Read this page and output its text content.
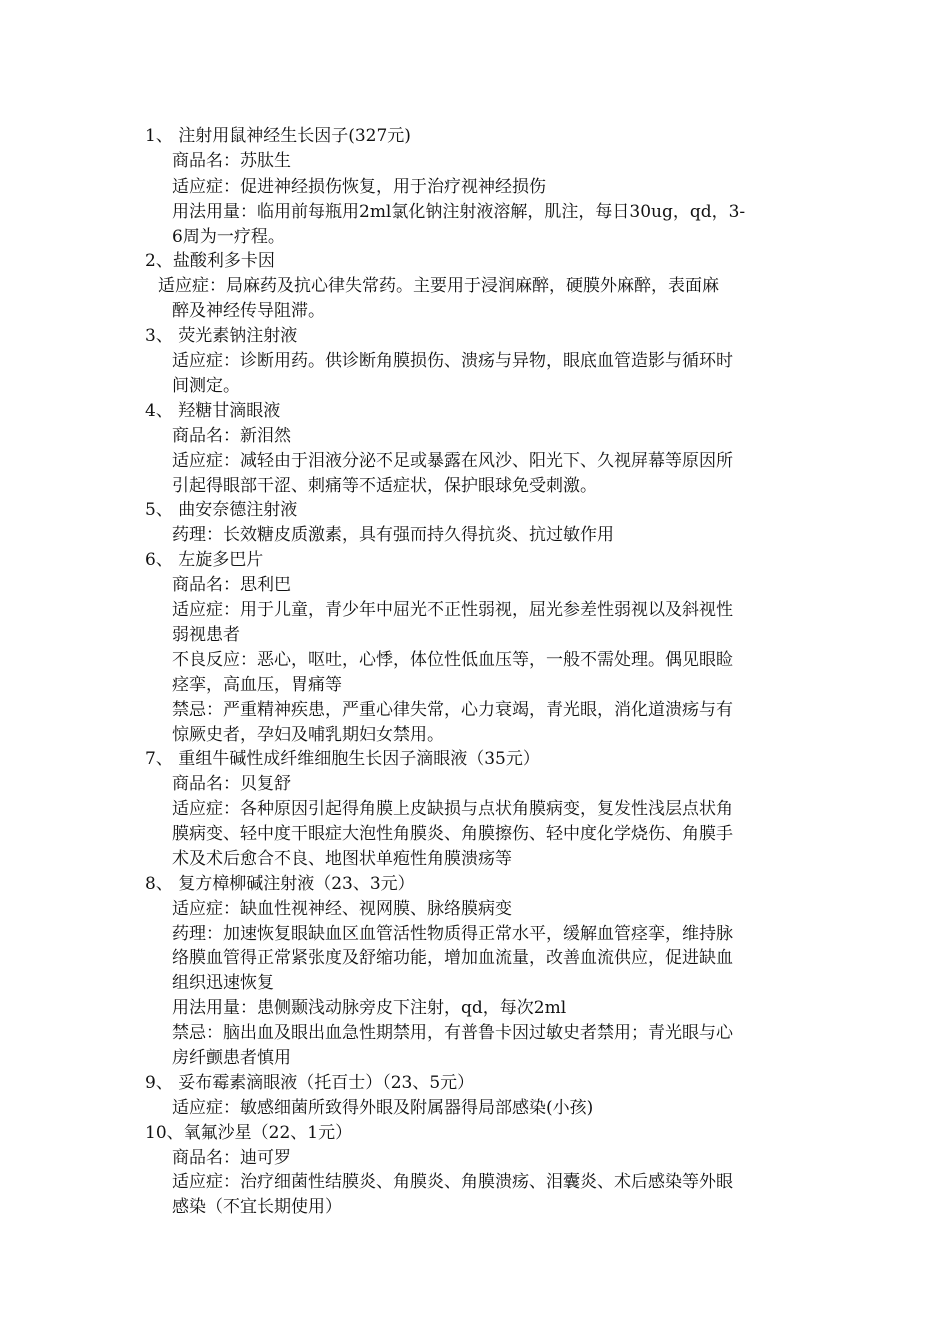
1、 注射用鼠神经生长因子(327元)
商品名：苏肽生
适应症：促进神经损伤恢复，用于治疗视神经损伤
用法用量：临用前每瓶用2ml氯化钠注射液溶解，肌注，每日30ug，qd，3-
6周为一疗程。
2、盐酸利多卡因
适应症：局麻药及抗心律失常药。主要用于浸润麻醉，硬膜外麻醉，表面麻
醉及神经传导阻滞。
3、 荧光素钠注射液
适应症：诊断用药。供诊断角膜损伤、溃疡与异物，眼底血管造影与循环时
间测定。
4、 羟糖甘滴眼液
商品名：新泪然
适应症：减轻由于泪液分泌不足或暴露在风沙、阳光下、久视屏幕等原因所
引起得眼部干涩、刺痛等不适症状，保护眼球免受刺激。
5、 曲安奈德注射液
药理：长效糖皮质激素，具有强而持久得抗炎、抗过敏作用
6、 左旋多巴片
商品名：思利巴
适应症：用于儿童，青少年中屈光不正性弱视，屈光参差性弱视以及斜视性
弱视患者
不良反应：恶心，呕吐，心悸，体位性低血压等，一般不需处理。偶见眼睑
痉挛，高血压，胃痛等
禁忌：严重精神疾患，严重心律失常，心力衰竭，青光眼，消化道溃疡与有
惊厥史者，孕妇及哺乳期妇女禁用。
7、 重组牛碱性成纤维细胞生长因子滴眼液（35元）
商品名：贝复舒
适应症：各种原因引起得角膜上皮缺损与点状角膜病变，复发性浅层点状角
膜病变、轻中度干眼症大泡性角膜炎、角膜擦伤、轻中度化学烧伤、角膜手
术及术后愈合不良、地图状单疱性角膜溃疡等
8、 复方樟柳碱注射液（23、3元）
适应症：缺血性视神经、视网膜、脉络膜病变
药理：加速恢复眼缺血区血管活性物质得正常水平，缓解血管痉挛，维持脉
络膜血管得正常紧张度及舒缩功能，增加血流量，改善血流供应，促进缺血
组织迅速恢复
用法用量：患侧颞浅动脉旁皮下注射，qd，每次2ml
禁忌：脑出血及眼出血急性期禁用，有普鲁卡因过敏史者禁用；青光眼与心
房纤颤患者慎用
9、 妥布霉素滴眼液（托百士）（23、5元）
适应症：敏感细菌所致得外眼及附属器得局部感染(小孩)
10、氧氟沙星（22、1元）
商品名：迪可罗
适应症：治疗细菌性结膜炎、角膜炎、角膜溃疡、泪囊炎、术后感染等外眼
感染（不宜长期使用）
